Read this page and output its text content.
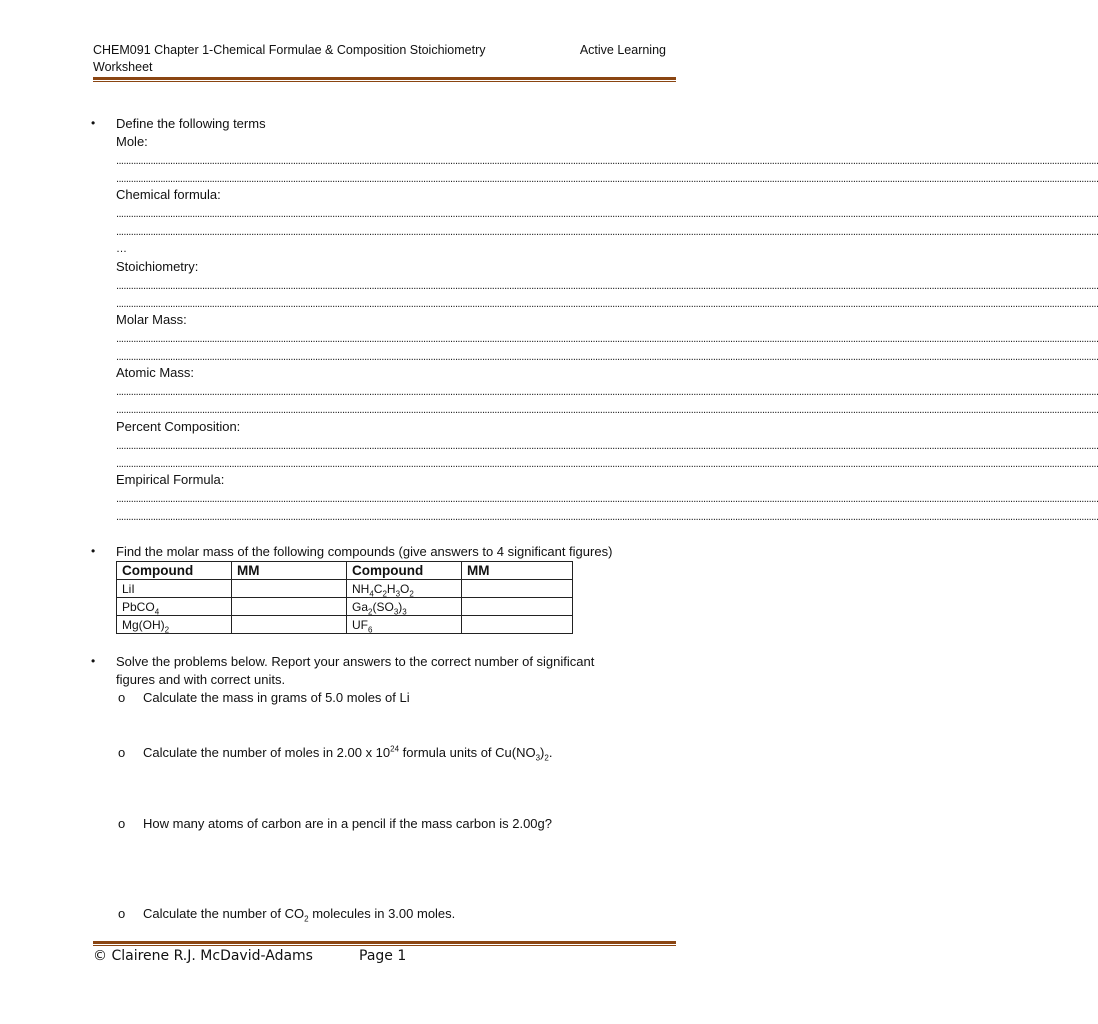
CHEM091 Chapter 1-Chemical Formulae & Composition Stoichiometry Worksheet
Active Learning
• Define the following terms
Mole:
................................................................................................................................................................................................................................................................................................................................................................................................................
................................................................................................................................................................................................................................................................................................................................................................................................................
Chemical formula:
................................................................................................................................................................................................................................................................................................................................................................................................................
................................................................................................................................................................................................................................................................................................................................................................................................................
…
Stoichiometry:
................................................................................................................................................................................................................................................................................................................................................................................................................
................................................................................................................................................................................................................................................................................................................................................................................................................
Molar Mass:
................................................................................................................................................................................................................................................................................................................................................................................................................
................................................................................................................................................................................................................................................................................................................................................................................................................
Atomic Mass:
................................................................................................................................................................................................................................................................................................................................................................................................................
................................................................................................................................................................................................................................................................................................................................................................................................................
Percent Composition:
................................................................................................................................................................................................................................................................................................................................................................................................................
................................................................................................................................................................................................................................................................................................................................................................................................................
Empirical Formula:
................................................................................................................................................................................................................................................................................................................................................................................................................
................................................................................................................................................................................................................................................................................................................................................................................................................
• Find the molar mass of the following compounds (give answers to 4 significant figures)
Compound	MM	Compound	MM
LiI		$NH_4C_2H_3O_2$	
PbCO$_4$		$Ga_2(SO_3)_3$	
$Mg(OH)_2$		$UF_6$	
• Solve the problems below. Report your answers to the correct number of significant
figures and with correct units.
o Calculate the mass in grams of 5.0 moles of Li
o Calculate the number of moles in 2.00 x $10^{24}$ formula units of $Cu(NO_3)_2$.
o How many atoms of carbon are in a pencil if the mass carbon is 2.00g?
o Calculate the number of $CO_2$ molecules in 3.00 moles.
© Clairene R.J. McDavid-Adams	Page 1
